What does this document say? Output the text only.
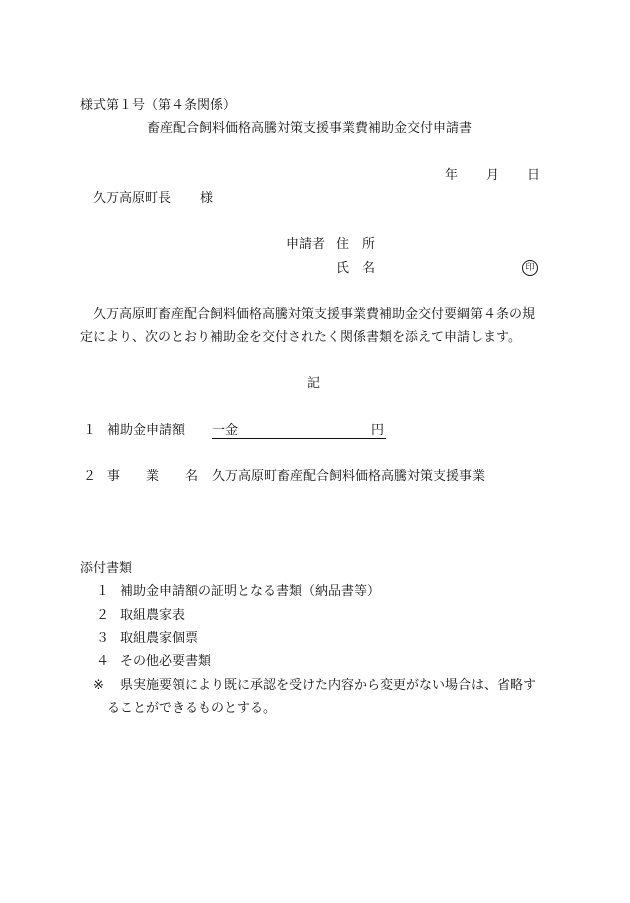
様式第１号（第４条関係）
畜産配合飼料価格高騰対策支援事業費補助金交付申請書
年 月 日
久万高原町長 様
申請者 住　所
氏　名	印
久万高原町畜産配合飼料価格高騰対策支援事業費補助金交付要綱第４条の規
定により、次のとおり補助金を交付されたく関係書類を添えて申請します。
記
１ 補助金申請額 一金	円
２ 事　　業　　名 久万高原町畜産配合飼料価格高騰対策支援事業
添付書類
１ 補助金申請額の証明となる書類（納品書等）
２ 取組農家表
３ 取組農家個票
４ その他必要書類
※ 県実施要領により既に承認を受けた内容から変更がない場合は、省略す
ることができるものとする。
